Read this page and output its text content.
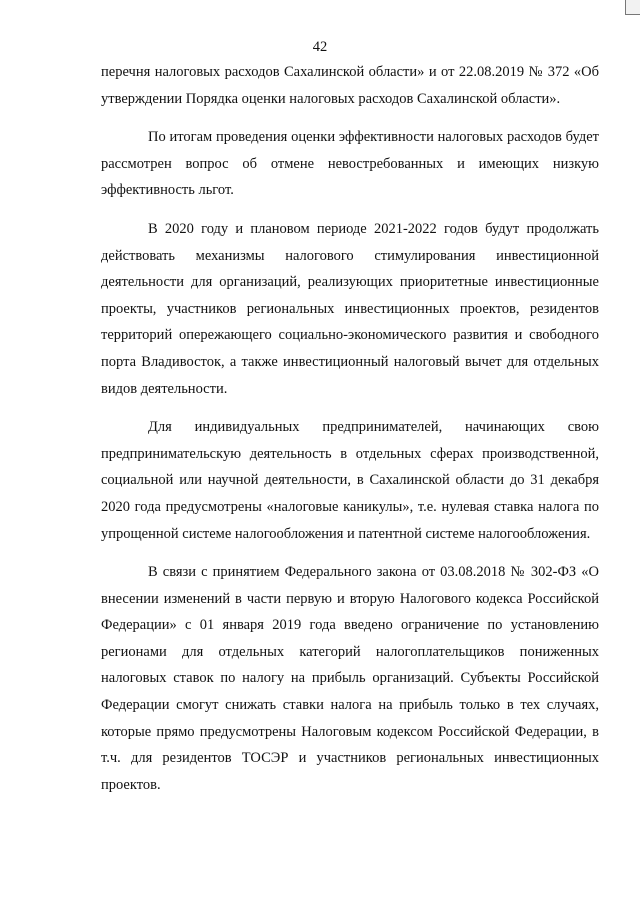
42

перечня налоговых расходов Сахалинской области» и от 22.08.2019 № 372 «Об утверждении Порядка оценки налоговых расходов Сахалинской области».

По итогам проведения оценки эффективности налоговых расходов будет рассмотрен вопрос об отмене невостребованных и имеющих низкую эффективность льгот.

В 2020 году и плановом периоде 2021-2022 годов будут продолжать действовать механизмы налогового стимулирования инвестиционной деятельности для организаций, реализующих приоритетные инвестиционные проекты, участников региональных инвестиционных проектов, резидентов территорий опережающего социально-экономического развития и свободного порта Владивосток, а также инвестиционный налоговый вычет для отдельных видов деятельности.

Для индивидуальных предпринимателей, начинающих свою предпринимательскую деятельность в отдельных сферах производственной, социальной или научной деятельности, в Сахалинской области до 31 декабря 2020 года предусмотрены «налоговые каникулы», т.е. нулевая ставка налога по упрощенной системе налогообложения и патентной системе налогообложения.

В связи с принятием Федерального закона от 03.08.2018 № 302-ФЗ «О внесении изменений в части первую и вторую Налогового кодекса Российской Федерации» с 01 января 2019 года введено ограничение по установлению регионами для отдельных категорий налогоплательщиков пониженных налоговых ставок по налогу на прибыль организаций. Субъекты Российской Федерации смогут снижать ставки налога на прибыль только в тех случаях, которые прямо предусмотрены Налоговым кодексом Российской Федерации, в т.ч. для резидентов ТОСЭР и участников региональных инвестиционных проектов.
